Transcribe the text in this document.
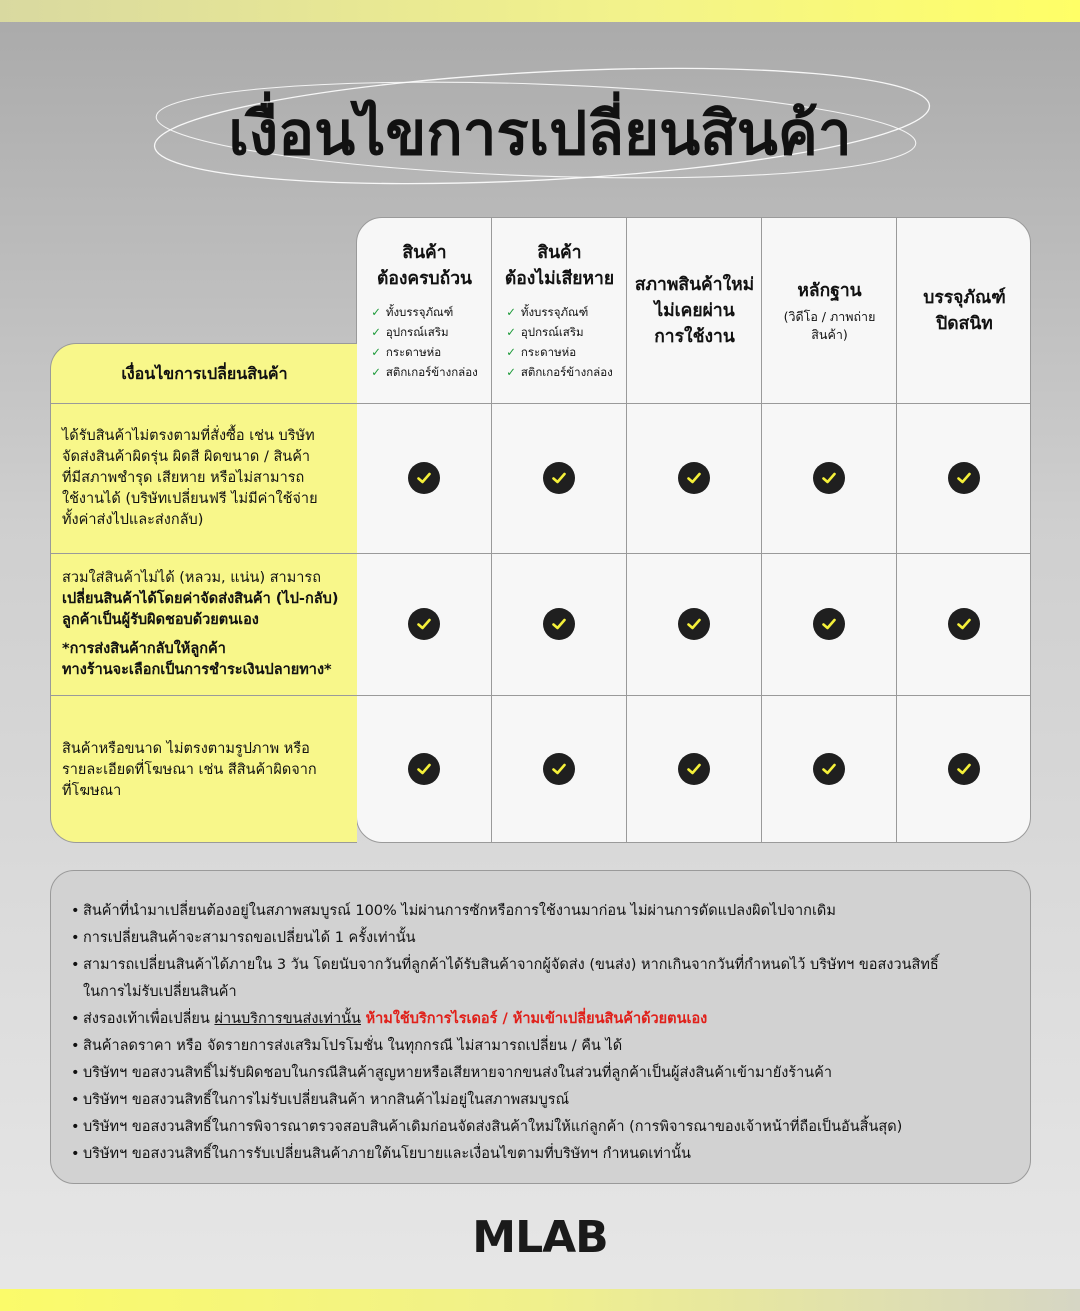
เงื่อนไขการเปลี่ยนสินค้า
สินค้า
ต้องครบถ้วน
✓ ทั้งบรรจุภัณฑ์
✓ อุปกรณ์เสริม
✓ กระดาษห่อ
✓ สติกเกอร์ข้างกล่อง
สินค้า
ต้องไม่เสียหาย
✓ ทั้งบรรจุภัณฑ์
✓ อุปกรณ์เสริม
✓ กระดาษห่อ
✓ สติกเกอร์ข้างกล่อง
สภาพสินค้าใหม่
ไม่เคยผ่าน
การใช้งาน
หลักฐาน
(วิดีโอ / ภาพถ่ายสินค้า)
บรรจุภัณฑ์
ปิดสนิท
เงื่อนไขการเปลี่ยนสินค้า
ได้รับสินค้าไม่ตรงตามที่สั่งซื้อ เช่น บริษัท
จัดส่งสินค้าผิดรุ่น ผิดสี ผิดขนาด / สินค้า
ที่มีสภาพชำรุด เสียหาย หรือไม่สามารถ
ใช้งานได้ (บริษัทเปลี่ยนฟรี ไม่มีค่าใช้จ่าย
ทั้งค่าส่งไปและส่งกลับ)
สวมใส่สินค้าไม่ได้ (หลวม, แน่น) สามารถ
เปลี่ยนสินค้าได้โดยค่าจัดส่งสินค้า (ไป-กลับ)
ลูกค้าเป็นผู้รับผิดชอบด้วยตนเอง
*การส่งสินค้ากลับให้ลูกค้า
ทางร้านจะเลือกเป็นการชำระเงินปลายทาง*
สินค้าหรือขนาด ไม่ตรงตามรูปภาพ หรือ
รายละเอียดที่โฆษณา เช่น สีสินค้าผิดจาก
ที่โฆษณา
• สินค้าที่นำมาเปลี่ยนต้องอยู่ในสภาพสมบูรณ์ 100% ไม่ผ่านการซักหรือการใช้งานมาก่อน ไม่ผ่านการดัดแปลงผิดไปจากเดิม
• การเปลี่ยนสินค้าจะสามารถขอเปลี่ยนได้ 1 ครั้งเท่านั้น
• สามารถเปลี่ยนสินค้าได้ภายใน 3 วัน โดยนับจากวันที่ลูกค้าได้รับสินค้าจากผู้จัดส่ง (ขนส่ง) หากเกินจากวันที่กำหนดไว้ บริษัทฯ ขอสงวนสิทธิ์
ในการไม่รับเปลี่ยนสินค้า
• ส่งรองเท้าเพื่อเปลี่ยน ผ่านบริการขนส่งเท่านั้น ห้ามใช้บริการไรเดอร์ / ห้ามเข้าเปลี่ยนสินค้าด้วยตนเอง
• สินค้าลดราคา หรือ จัดรายการส่งเสริมโปรโมชั่น ในทุกกรณี ไม่สามารถเปลี่ยน / คืน ได้
• บริษัทฯ ขอสงวนสิทธิ์ไม่รับผิดชอบในกรณีสินค้าสูญหายหรือเสียหายจากขนส่งในส่วนที่ลูกค้าเป็นผู้ส่งสินค้าเข้ามายังร้านค้า
• บริษัทฯ ขอสงวนสิทธิ์ในการไม่รับเปลี่ยนสินค้า หากสินค้าไม่อยู่ในสภาพสมบูรณ์
• บริษัทฯ ขอสงวนสิทธิ์ในการพิจารณาตรวจสอบสินค้าเดิมก่อนจัดส่งสินค้าใหม่ให้แก่ลูกค้า (การพิจารณาของเจ้าหน้าที่ถือเป็นอันสิ้นสุด)
• บริษัทฯ ขอสงวนสิทธิ์ในการรับเปลี่ยนสินค้าภายใต้นโยบายและเงื่อนไขตามที่บริษัทฯ กำหนดเท่านั้น
MLAB
